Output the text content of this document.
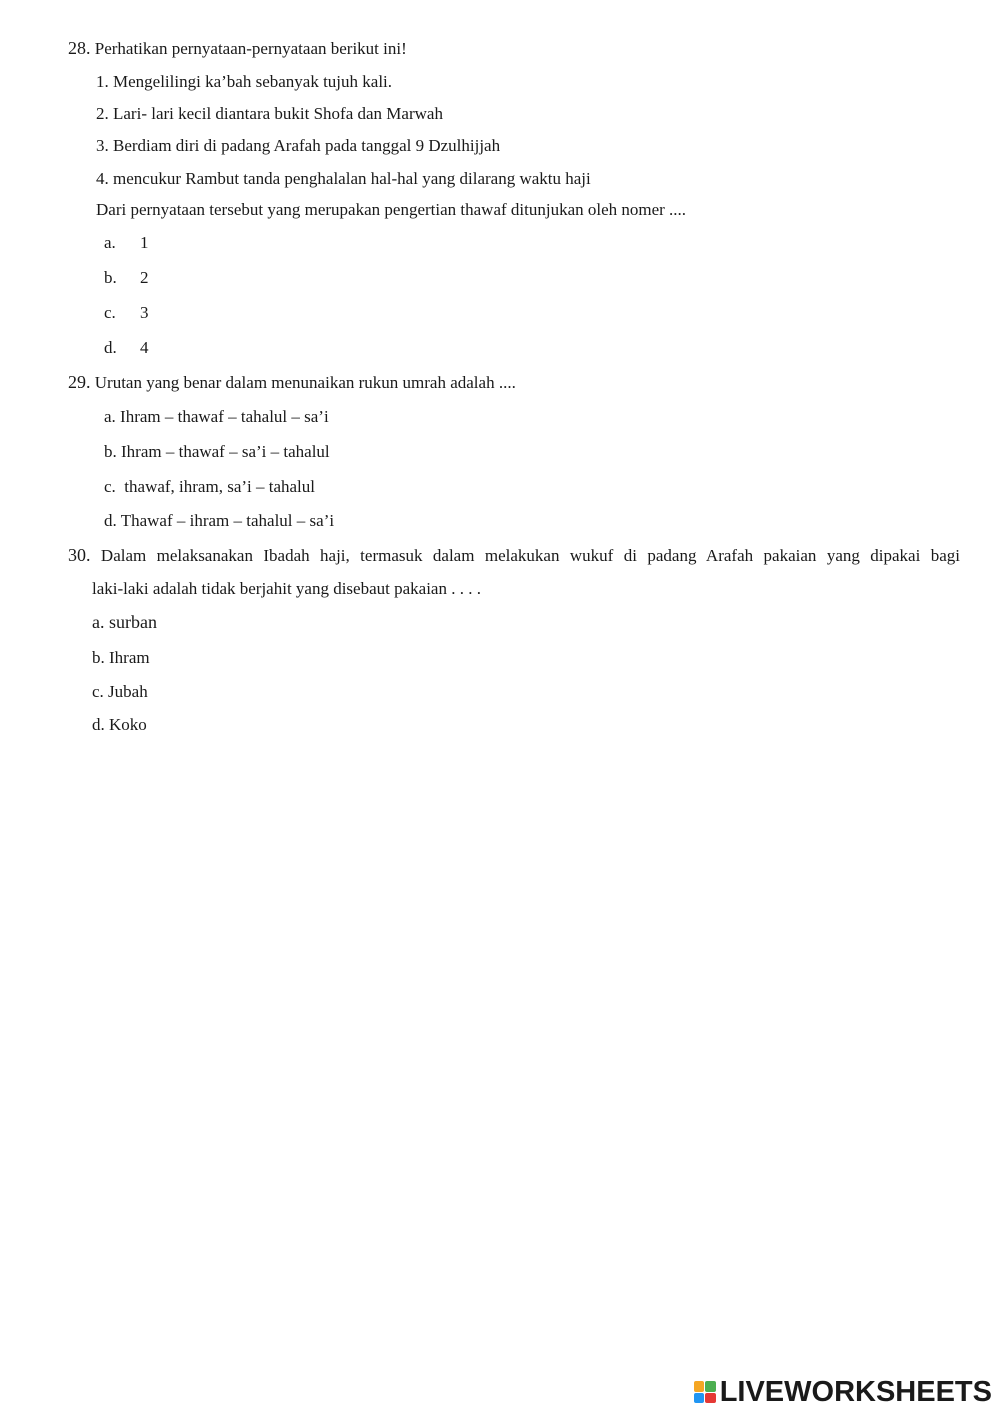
28. Perhatikan pernyataan-pernyataan berikut ini!
1. Mengelilingi ka’bah sebanyak tujuh kali.
2. Lari- lari kecil diantara bukit Shofa dan Marwah
3. Berdiam diri di padang Arafah pada tanggal 9 Dzulhijjah
4. mencukur Rambut tanda penghalalan hal-hal yang dilarang waktu haji
Dari pernyataan tersebut yang merupakan pengertian thawaf ditunjukan oleh nomer ....
a. 1
b. 2
c. 3
d. 4
29. Urutan yang benar dalam menunaikan rukun umrah adalah ....
a. Ihram – thawaf – tahalul – sa’i
b. Ihram – thawaf – sa’i – tahalul
c. thawaf, ihram, sa’i – tahalul
d. Thawaf – ihram – tahalul – sa’i
30. Dalam melaksanakan Ibadah haji, termasuk dalam melakukan wukuf di padang Arafah pakaian yang dipakai bagi
laki-laki adalah tidak berjahit yang disebaut pakaian . . . .
a. surban
b. Ihram
c. Jubah
d. Koko
LIVEWORKSHEETS
